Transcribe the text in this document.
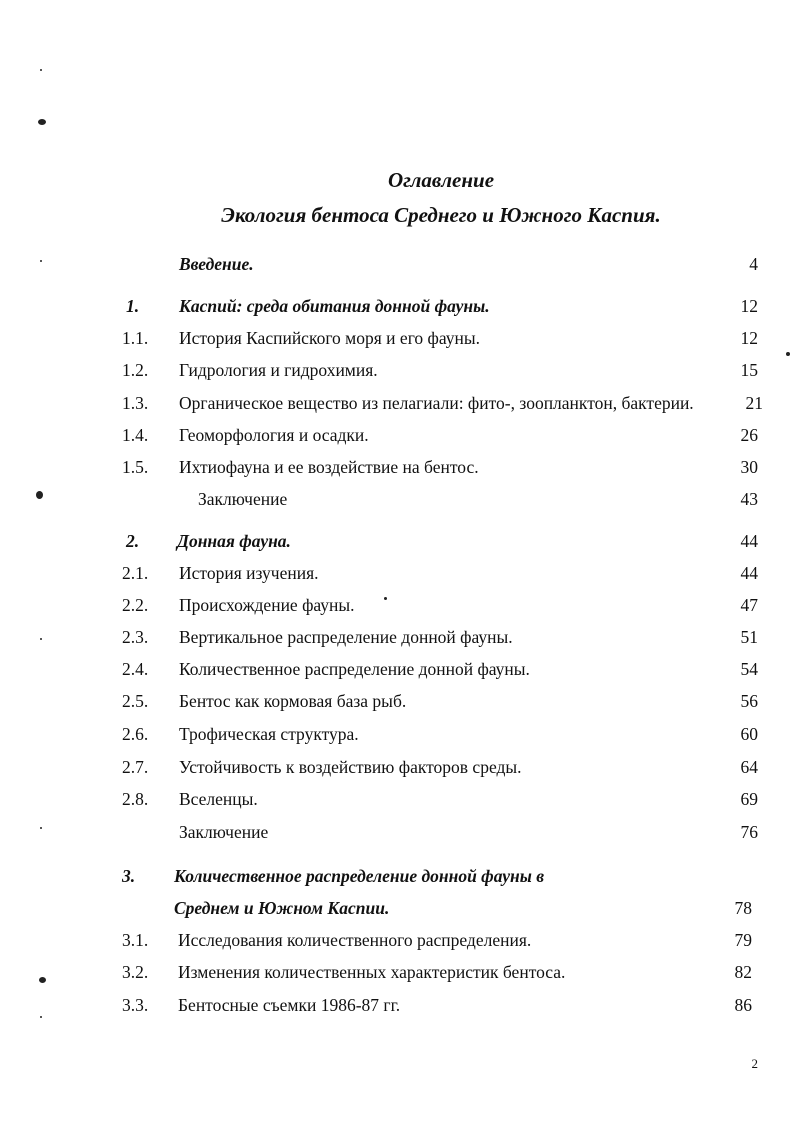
Оглавление
Экология бентоса Среднего и Южного Каспия.
Введение.	4
1. Каспий: среда обитания донной фауны.	12
1.1. История Каспийского моря и его фауны.	12
1.2. Гидрология и гидрохимия.	15
1.3. Органическое вещество из пелагиали: фито-, зоопланктон, бактерии.	21
1.4. Геоморфология и осадки.	26
1.5. Ихтиофауна и ее воздействие на бентос.	30
Заключение	43
2. Донная фауна.	44
2.1. История изучения.	44
2.2. Происхождение фауны.	47
2.3. Вертикальное распределение донной фауны.	51
2.4. Количественное распределение донной фауны.	54
2.5. Бентос как кормовая база рыб.	56
2.6. Трофическая структура.	60
2.7. Устойчивость к воздействию факторов среды.	64
2.8. Вселенцы.	69
Заключение	76
3. Количественное распределение донной фауны в
Среднем и Южном Каспии.	78
3.1. Исследования количественного распределения.	79
3.2. Изменения количественных характеристик бентоса.	82
3.3. Бентосные съемки 1986-87 гг.	86
2
